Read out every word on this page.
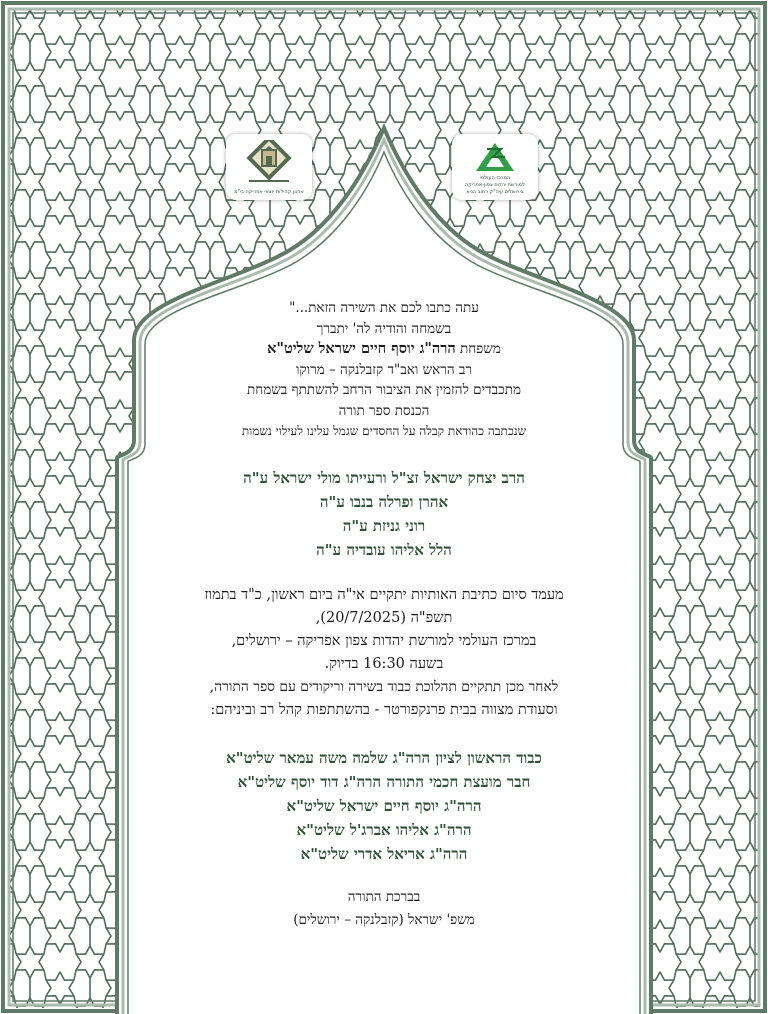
ארגון קהילות יוצאי אפריקה בי"מ
המרכז העולמי
למורשת יהדות צפון-אפריקה
בירושלים עיה"ק רחוב הגיא

עתה כתבו לכם את השירה הזאת..."

בשמחה והודיה לה' יתברך

משפחת הרה"ג יוסף חיים ישראל שליט"א

רב הראש ואב"ד קזבלנקה – מרוקו

מתכבדים להזמין את הציבור הרחב להשתתף בשמחת

הכנסת ספר תורה

שנכתבה כהודאת קבלה על החסדים שגמל עלינו לעילוי נשמות

הרב יצחק ישראל זצ"ל ורעייתו מולי ישראל ע"ה

אהרן ופרלה בנבו ע"ה

רוני גניזת ע"ה

הלל אליהו עובדיה ע"ה

מעמד סיום כתיבת האותיות יתקיים אי"ה ביום ראשון, כ"ד בתמוז

תשפ"ה (20/7/2025),

במרכז העולמי למורשת יהדות צפון אפריקה – ירושלים,

בשעה 16:30 בדיוק.

לאחר מכן תתקיים תהלוכת כבוד בשירה וריקודים עם ספר התורה,

וסעודת מצווה בבית פרנקפורטר - בהשתתפות קהל רב וביניהם:

כבוד הראשון לציון הרה"ג שלמה משה עמאר שליט"א

חבר מועצת חכמי התורה הרה"ג דוד יוסף שליט"א

הרה"ג יוסף חיים ישראל שליט"א

הרה"ג אליהו אברג'ל שליט"א

הרה"ג אריאל אדרי שליט"א

בברכת התורה

משפ' ישראל (קזבלנקה – ירושלים)
